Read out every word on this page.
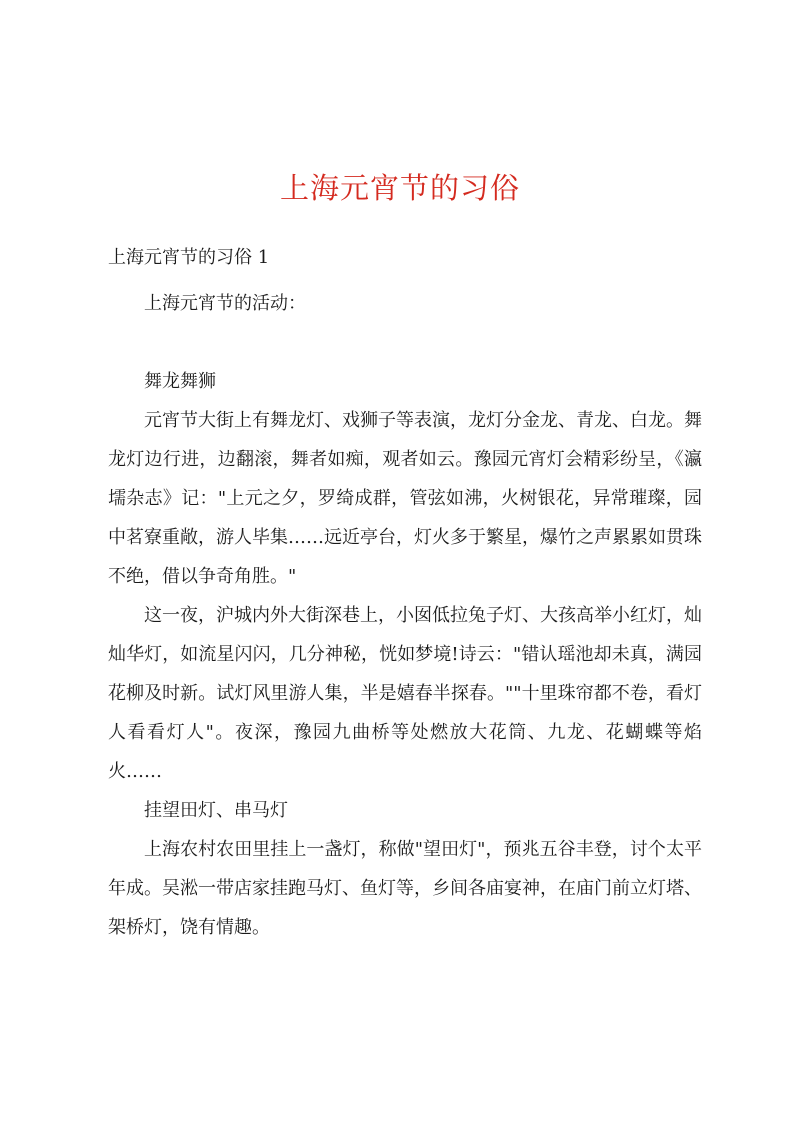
上海元宵节的习俗
上海元宵节的习俗 1

上海元宵节的活动：

舞龙舞狮

元宵节大街上有舞龙灯、戏狮子等表演，龙灯分金龙、青龙、白龙。舞龙灯边行进，边翻滚，舞者如痴，观者如云。豫园元宵灯会精彩纷呈，《瀛壖杂志》记："上元之夕，罗绮成群，管弦如沸，火树银花，异常璀璨，园中茗寮重敞，游人毕集……远近亭台，灯火多于繁星，爆竹之声累累如贯珠不绝，借以争奇角胜。"

这一夜，沪城内外大街深巷上，小囡低拉兔子灯、大孩高举小红灯，灿灿华灯，如流星闪闪，几分神秘，恍如梦境!诗云："错认瑶池却未真，满园花柳及时新。试灯风里游人集，半是嬉春半探春。""十里珠帘都不卷，看灯人看看灯人"。夜深，豫园九曲桥等处燃放大花筒、九龙、花蝴蝶等焰火……

挂望田灯、串马灯

上海农村农田里挂上一盏灯，称做"望田灯"，预兆五谷丰登，讨个太平年成。吴淞一带店家挂跑马灯、鱼灯等，乡间各庙宴神，在庙门前立灯塔、架桥灯，饶有情趣。
